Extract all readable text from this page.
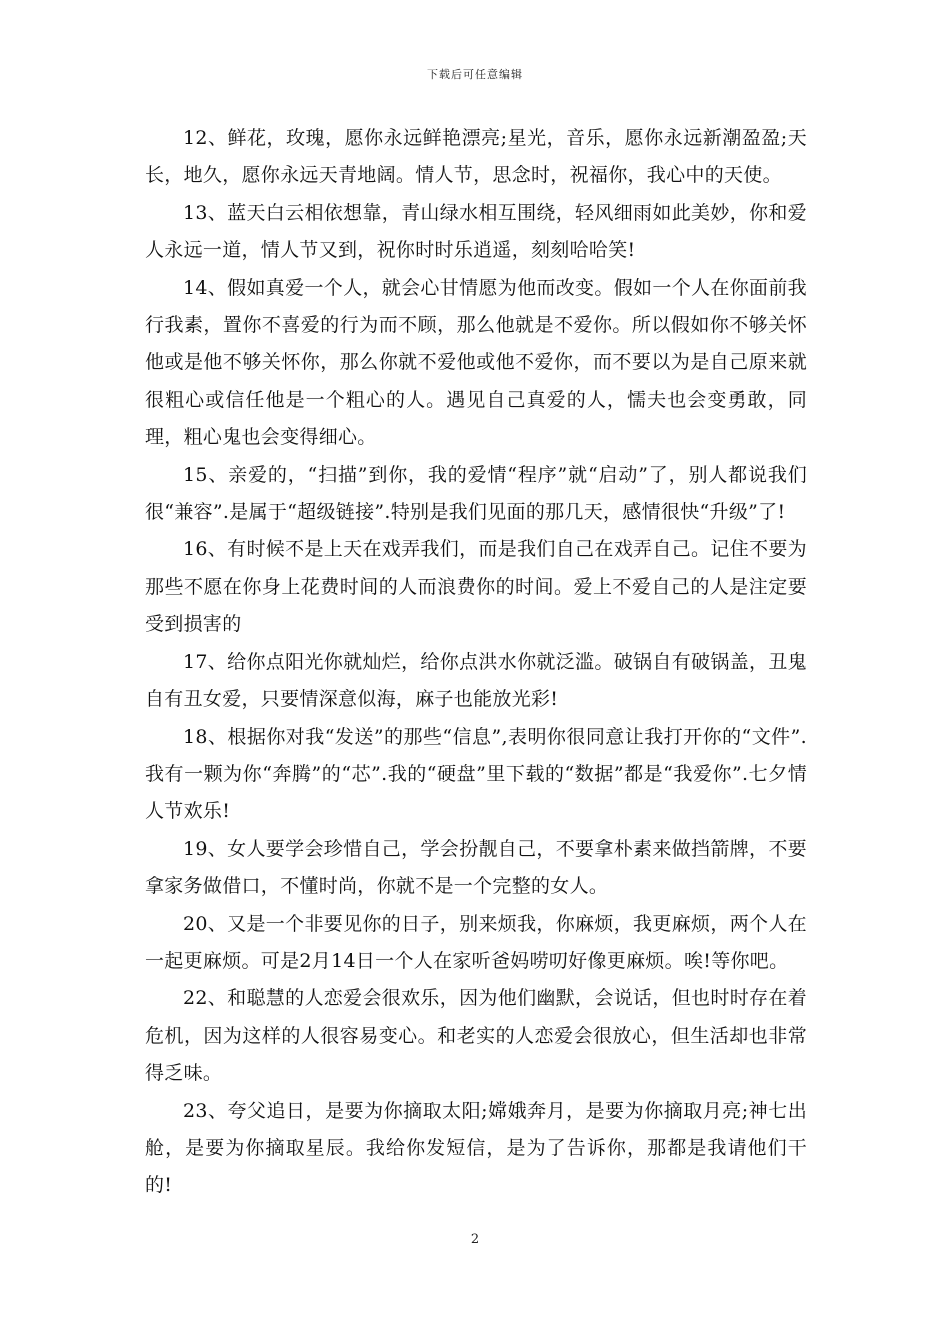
下载后可任意编辑

12、鲜花，玫瑰，愿你永远鲜艳漂亮;星光，音乐，愿你永远新潮盈盈;天长，地久，愿你永远天青地阔。情人节，思念时，祝福你，我心中的天使。

13、蓝天白云相依想靠，青山绿水相互围绕，轻风细雨如此美妙，你和爱人永远一道，情人节又到，祝你时时乐逍遥，刻刻哈哈笑!

14、假如真爱一个人，就会心甘情愿为他而改变。假如一个人在你面前我行我素，置你不喜爱的行为而不顾，那么他就是不爱你。所以假如你不够关怀他或是他不够关怀你，那么你就不爱他或他不爱你，而不要以为是自己原来就很粗心或信任他是一个粗心的人。遇见自己真爱的人，懦夫也会变勇敢，同理，粗心鬼也会变得细心。

15、亲爱的，“扫描”到你，我的爱情“程序”就“启动”了，别人都说我们很“兼容”.是属于“超级链接”.特别是我们见面的那几天，感情很快“升级”了!

16、有时候不是上天在戏弄我们，而是我们自己在戏弄自己。记住不要为那些不愿在你身上花费时间的人而浪费你的时间。爱上不爱自己的人是注定要受到损害的

17、给你点阳光你就灿烂，给你点洪水你就泛滥。破锅自有破锅盖，丑鬼自有丑女爱，只要情深意似海，麻子也能放光彩!

18、根据你对我“发送”的那些“信息”,表明你很同意让我打开你的“文件”.我有一颗为你“奔腾”的“芯”.我的“硬盘”里下载的“数据”都是“我爱你”.七夕情人节欢乐!

19、女人要学会珍惜自己，学会扮靓自己，不要拿朴素来做挡箭牌，不要拿家务做借口，不懂时尚，你就不是一个完整的女人。

20、又是一个非要见你的日子，别来烦我，你麻烦，我更麻烦，两个人在一起更麻烦。可是2月14日一个人在家听爸妈唠叨好像更麻烦。唉!等你吧。

22、和聪慧的人恋爱会很欢乐，因为他们幽默，会说话，但也时时存在着危机，因为这样的人很容易变心。和老实的人恋爱会很放心，但生活却也非常得乏味。

23、夸父追日，是要为你摘取太阳;嫦娥奔月，是要为你摘取月亮;神七出舱，是要为你摘取星辰。我给你发短信，是为了告诉你，那都是我请他们干的!

2
